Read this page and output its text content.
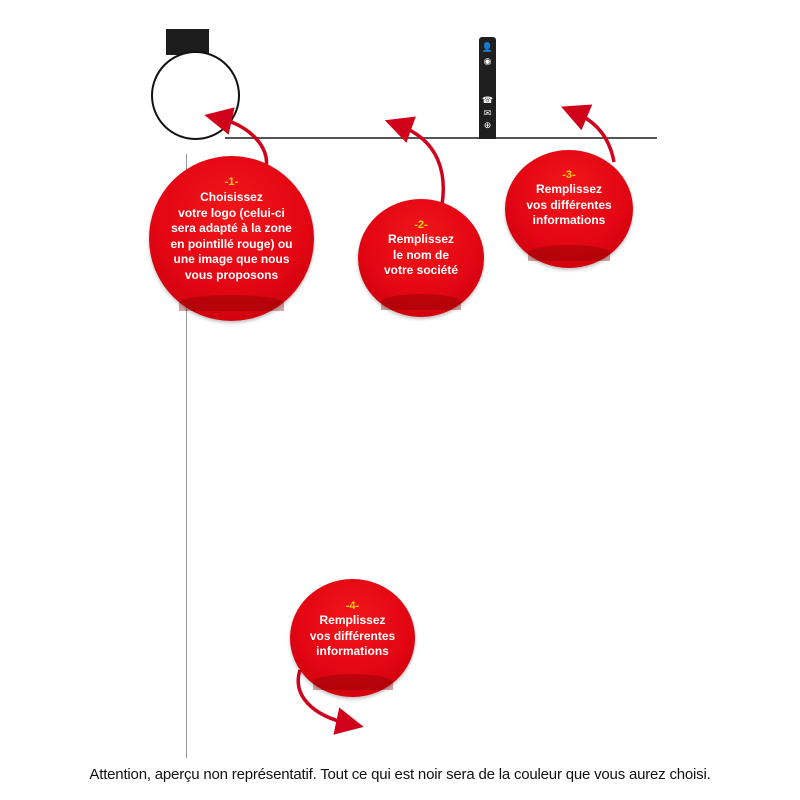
👤
◉
☎
✉
⊕
-1-
Choisissez
votre logo (celui-ci
sera adapté à la zone
en pointillé rouge) ou
une image que nous
vous proposons
-2-
Remplissez
le nom de
votre société
-3-
Remplissez
vos différentes
informations
-4-
Remplissez
vos différentes
informations
Attention, aperçu non représentatif. Tout ce qui est noir sera de la couleur que vous aurez choisi.
